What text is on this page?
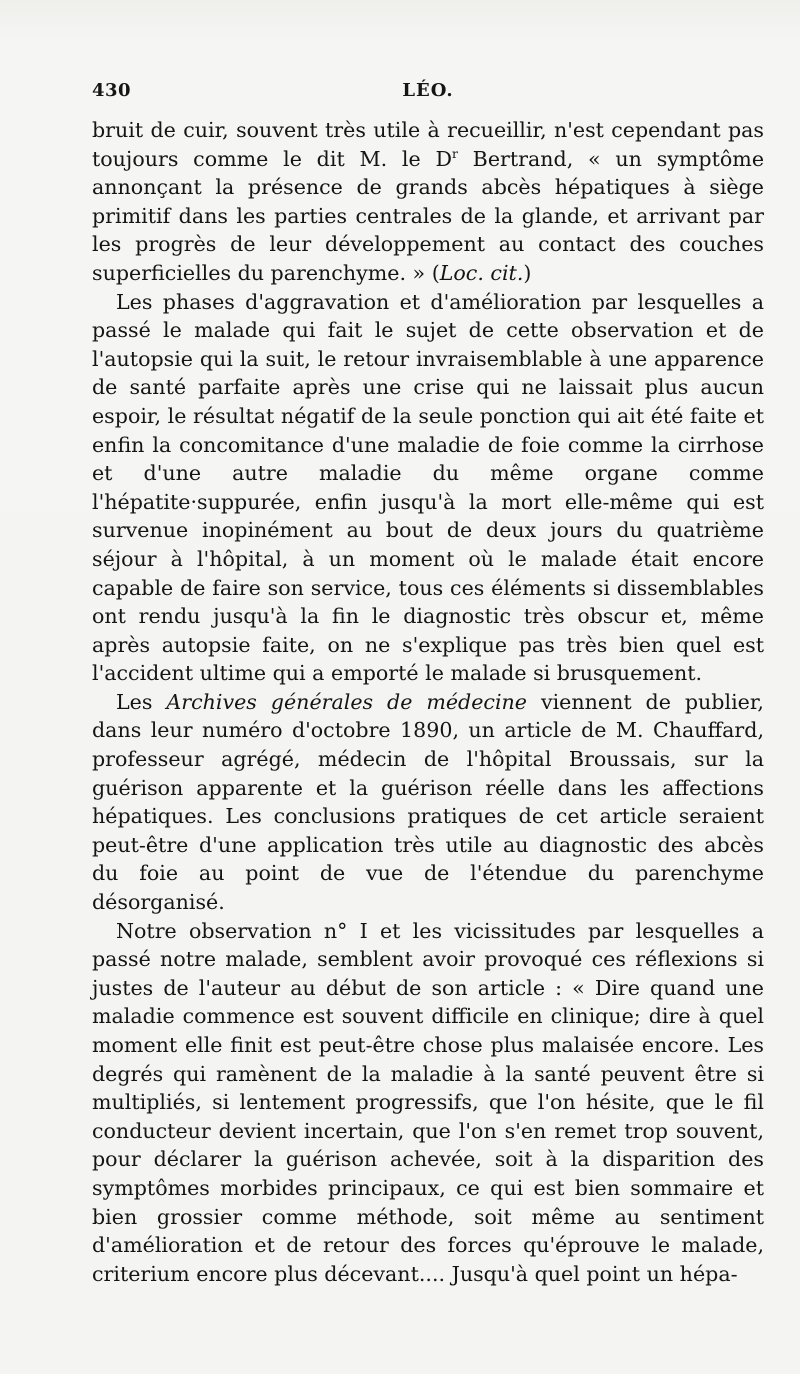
430	LÉO.

bruit de cuir, souvent très utile à recueillir, n'est cependant pas toujours comme le dit M. le $D^r$ Bertrand, « un symptôme annonçant la présence de grands abcès hépatiques à siège primitif dans les parties centrales de la glande, et arrivant par les progrès de leur développement au contact des couches superficielles du parenchyme. » (Loc. cit.)

Les phases d'aggravation et d'amélioration par lesquelles a passé le malade qui fait le sujet de cette observation et de l'autopsie qui la suit, le retour invraisemblable à une apparence de santé parfaite après une crise qui ne laissait plus aucun espoir, le résultat négatif de la seule ponction qui ait été faite et enfin la concomitance d'une maladie de foie comme la cirrhose et d'une autre maladie du même organe comme l'hépatite·suppurée, enfin jusqu'à la mort elle-même qui est survenue inopinément au bout de deux jours du quatrième séjour à l'hôpital, à un moment où le malade était encore capable de faire son service, tous ces éléments si dissemblables ont rendu jusqu'à la fin le diagnostic très obscur et, même après autopsie faite, on ne s'explique pas très bien quel est l'accident ultime qui a emporté le malade si brusquement.

Les Archives générales de médecine viennent de publier, dans leur numéro d'octobre 1890, un article de M. Chauffard, professeur agrégé, médecin de l'hôpital Broussais, sur la guérison apparente et la guérison réelle dans les affections hépatiques. Les conclusions pratiques de cet article seraient peut-être d'une application très utile au diagnostic des abcès du foie au point de vue de l'étendue du parenchyme désorganisé.

Notre observation n° I et les vicissitudes par lesquelles a passé notre malade, semblent avoir provoqué ces réflexions si justes de l'auteur au début de son article : « Dire quand une maladie commence est souvent difficile en clinique; dire à quel moment elle finit est peut-être chose plus malaisée encore. Les degrés qui ramènent de la maladie à la santé peuvent être si multipliés, si lentement progressifs, que l'on hésite, que le fil conducteur devient incertain, que l'on s'en remet trop souvent, pour déclarer la guérison achevée, soit à la disparition des symptômes morbides principaux, ce qui est bien sommaire et bien grossier comme méthode, soit même au sentiment d'amélioration et de retour des forces qu'éprouve le malade, criterium encore plus décevant.... Jusqu'à quel point un hépa-
